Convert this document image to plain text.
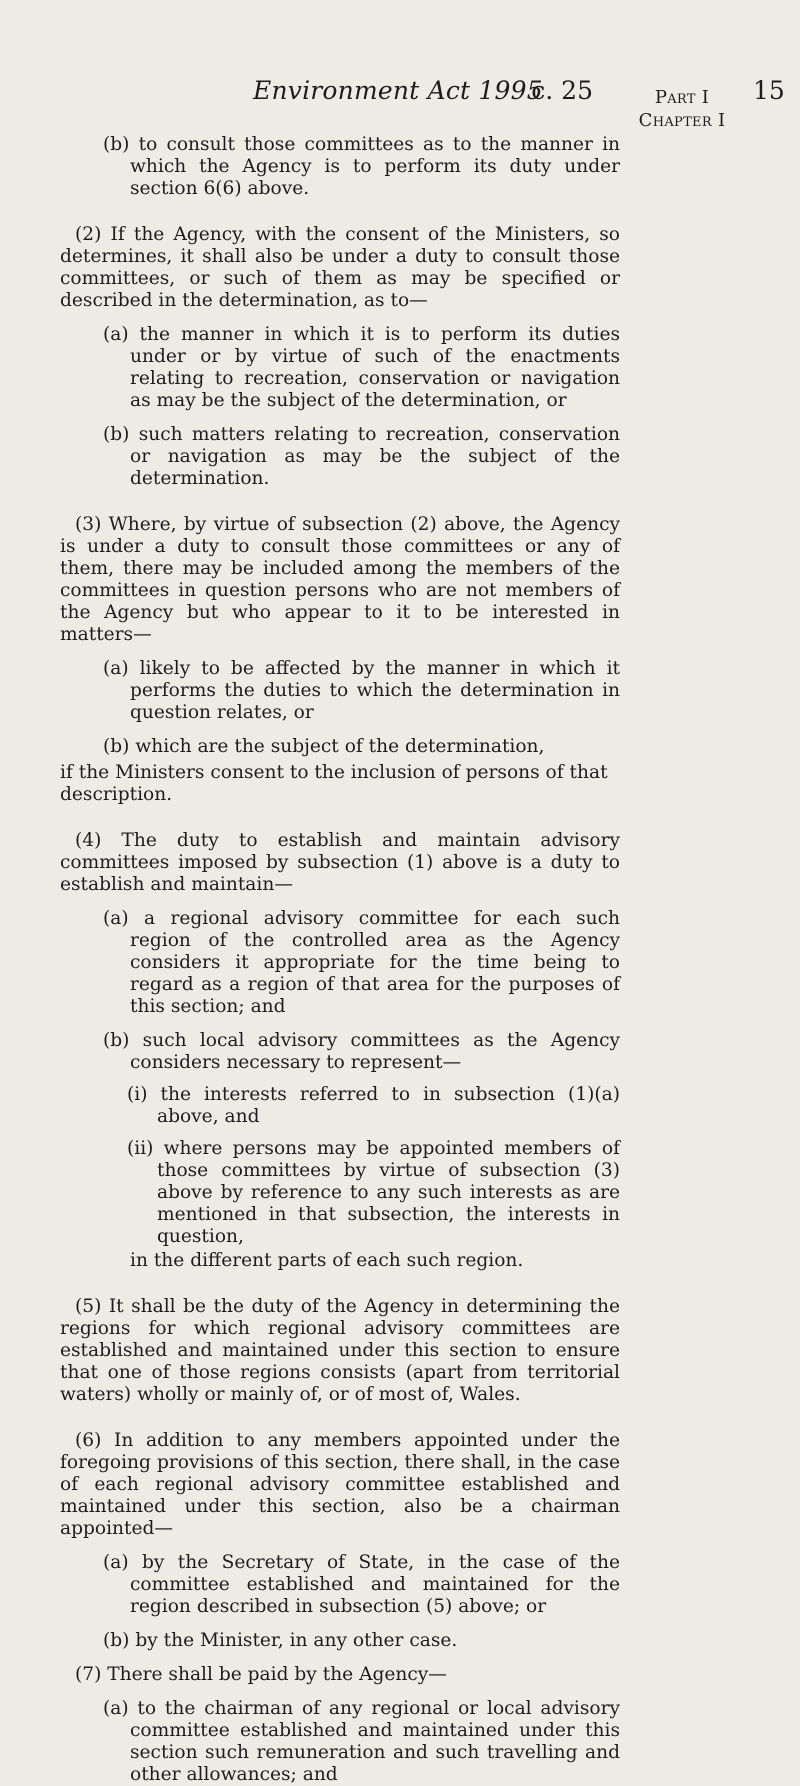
Environment Act 1995
c. 25	15
Part I
Chapter I

(b) to consult those committees as to the manner in which the Agency is to perform its duty under section 6(6) above.

(2) If the Agency, with the consent of the Ministers, so determines, it shall also be under a duty to consult those committees, or such of them as may be specified or described in the determination, as to—

(a) the manner in which it is to perform its duties under or by virtue of such of the enactments relating to recreation, conservation or navigation as may be the subject of the determination, or

(b) such matters relating to recreation, conservation or navigation as may be the subject of the determination.

(3) Where, by virtue of subsection (2) above, the Agency is under a duty to consult those committees or any of them, there may be included among the members of the committees in question persons who are not members of the Agency but who appear to it to be interested in matters—

(a) likely to be affected by the manner in which it performs the duties to which the determination in question relates, or

(b) which are the subject of the determination,

if the Ministers consent to the inclusion of persons of that description.

(4) The duty to establish and maintain advisory committees imposed by subsection (1) above is a duty to establish and maintain—

(a) a regional advisory committee for each such region of the controlled area as the Agency considers it appropriate for the time being to regard as a region of that area for the purposes of this section; and

(b) such local advisory committees as the Agency considers necessary to represent—

(i) the interests referred to in subsection (1)(a) above, and

(ii) where persons may be appointed members of those committees by virtue of subsection (3) above by reference to any such interests as are mentioned in that subsection, the interests in question,

in the different parts of each such region.

(5) It shall be the duty of the Agency in determining the regions for which regional advisory committees are established and maintained under this section to ensure that one of those regions consists (apart from territorial waters) wholly or mainly of, or of most of, Wales.

(6) In addition to any members appointed under the foregoing provisions of this section, there shall, in the case of each regional advisory committee established and maintained under this section, also be a chairman appointed—

(a) by the Secretary of State, in the case of the committee established and maintained for the region described in subsection (5) above; or

(b) by the Minister, in any other case.

(7) There shall be paid by the Agency—

(a) to the chairman of any regional or local advisory committee established and maintained under this section such remuneration and such travelling and other allowances; and
